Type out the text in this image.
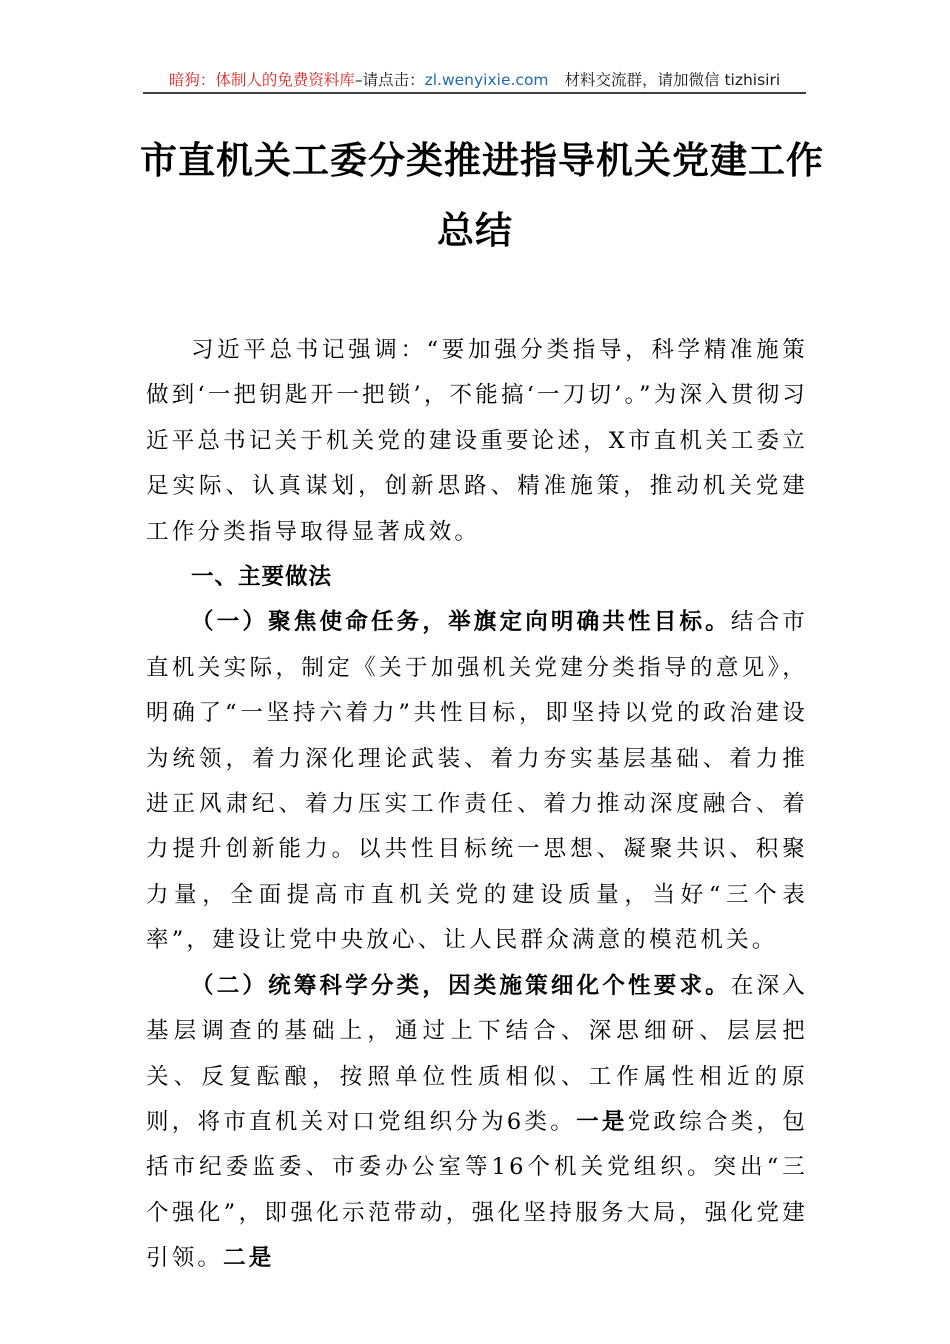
暗狗：体制人的免费资料库–请点击：zl.wenyixie.com 材料交流群，请加微信 tizhisiri
市直机关工委分类推进指导机关党建工作
总结

习近平总书记强调：“要加强分类指导，科学精准施策做到‘一把钥匙开一把锁’，不能搞‘一刀切’。”为深入贯彻习近平总书记关于机关党的建设重要论述，X市直机关工委立足实际、认真谋划，创新思路、精准施策，推动机关党建工作分类指导取得显著成效。

一、主要做法

（一）聚焦使命任务，举旗定向明确共性目标。结合市直机关实际，制定《关于加强机关党建分类指导的意见》，明确了“一坚持六着力”共性目标，即坚持以党的政治建设为统领，着力深化理论武装、着力夯实基层基础、着力推进正风肃纪、着力压实工作责任、着力推动深度融合、着力提升创新能力。以共性目标统一思想、凝聚共识、积聚力量，全面提高市直机关党的建设质量，当好“三个表率”，建设让党中央放心、让人民群众满意的模范机关。

（二）统筹科学分类，因类施策细化个性要求。在深入基层调查的基础上，通过上下结合、深思细研、层层把关、反复酝酿，按照单位性质相似、工作属性相近的原则，将市直机关对口党组织分为6类。一是党政综合类，包括市纪委监委、市委办公室等16个机关党组织。突出“三个强化”，即强化示范带动，强化坚持服务大局，强化党建引领。二是
